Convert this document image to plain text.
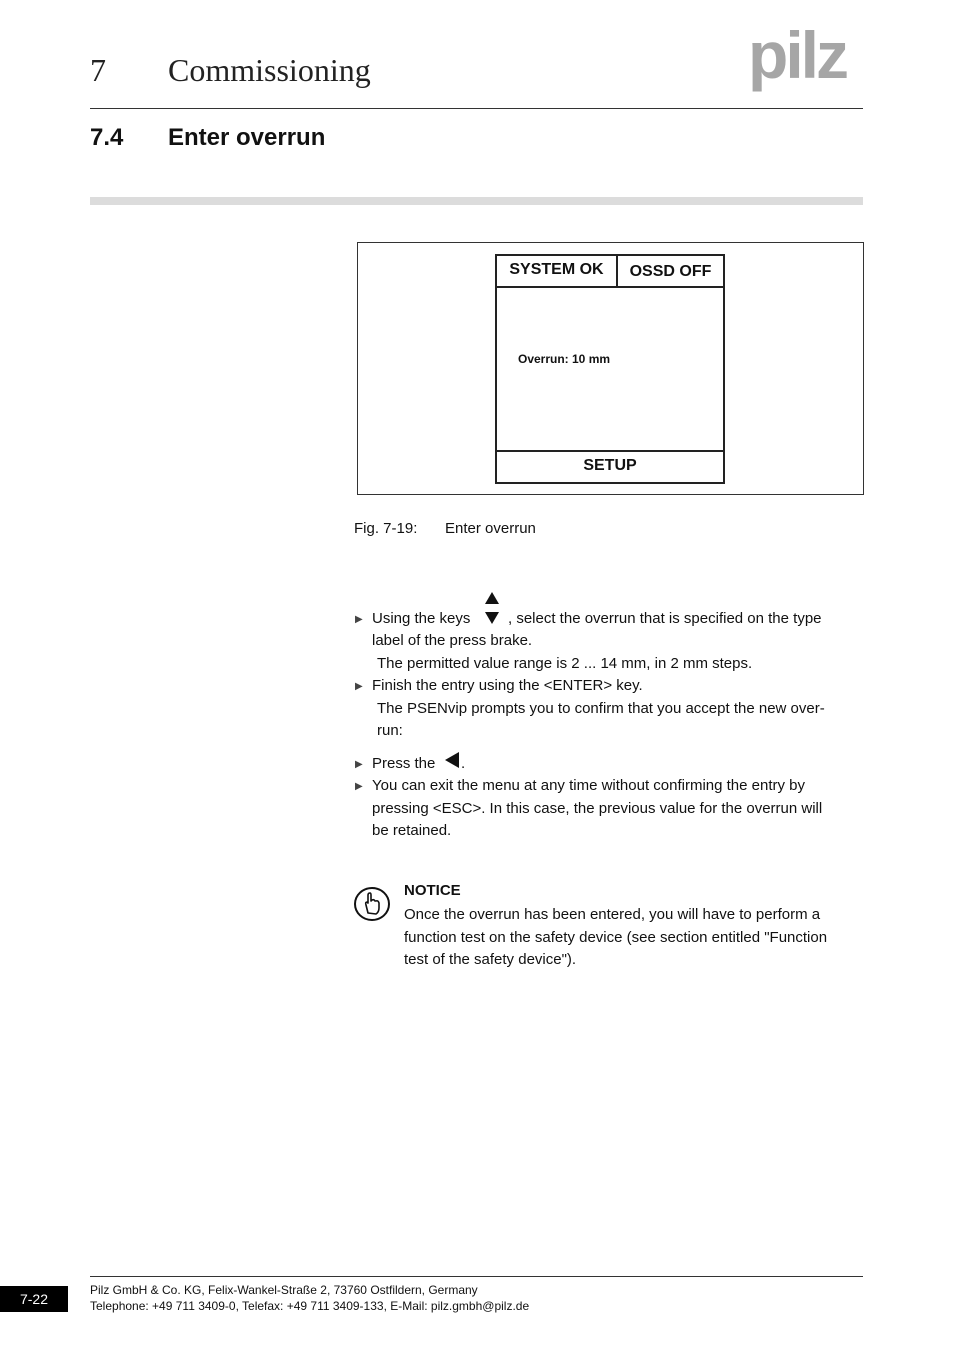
7 Commissioning	pilz
7.4 Enter overrun
SYSTEM OK	OSSD OFF
Overrun: 10 mm
SETUP
Fig. 7-19: Enter overrun
▶ Using the keys	, select the overrun that is specified on the type
label of the press brake.
The permitted value range is 2 ... 14 mm, in 2 mm steps.
▶ Finish the entry using the <ENTER> key.
The PSENvip prompts you to confirm that you accept the new over-
run:
▶ Press the .
▶ You can exit the menu at any time without confirming the entry by
pressing <ESC>. In this case, the previous value for the overrun will
be retained.
NOTICE
Once the overrun has been entered, you will have to perform a
function test on the safety device (see section entitled "Function
test of the safety device").
7-22
Pilz GmbH & Co. KG, Felix-Wankel-Straße 2, 73760 Ostfildern, Germany
Telephone: +49 711 3409-0, Telefax: +49 711 3409-133, E-Mail: pilz.gmbh@pilz.de
